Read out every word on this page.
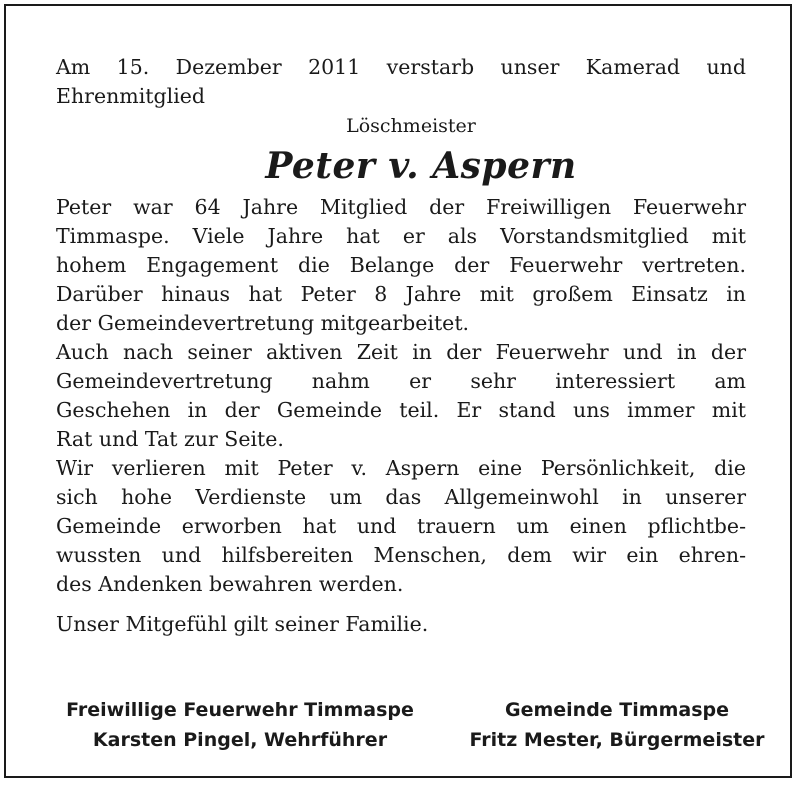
Am 15. Dezember 2011 verstarb unser Kamerad und
Ehrenmitglied
Löschmeister
Peter v. Aspern
Peter war 64 Jahre Mitglied der Freiwilligen Feuerwehr
Timmaspe. Viele Jahre hat er als Vorstandsmitglied mit
hohem Engagement die Belange der Feuerwehr vertreten.
Darüber hinaus hat Peter 8 Jahre mit großem Einsatz in
der Gemeindevertretung mitgearbeitet.
Auch nach seiner aktiven Zeit in der Feuerwehr und in der
Gemeindevertretung nahm er sehr interessiert am
Geschehen in der Gemeinde teil. Er stand uns immer mit
Rat und Tat zur Seite.
Wir verlieren mit Peter v. Aspern eine Persönlichkeit, die
sich hohe Verdienste um das Allgemeinwohl in unserer
Gemeinde erworben hat und trauern um einen pflichtbe-
wussten und hilfsbereiten Menschen, dem wir ein ehren-
des Andenken bewahren werden.
Unser Mitgefühl gilt seiner Familie.
Freiwillige Feuerwehr Timmaspe
Karsten Pingel, Wehrführer
Gemeinde Timmaspe
Fritz Mester, Bürgermeister
